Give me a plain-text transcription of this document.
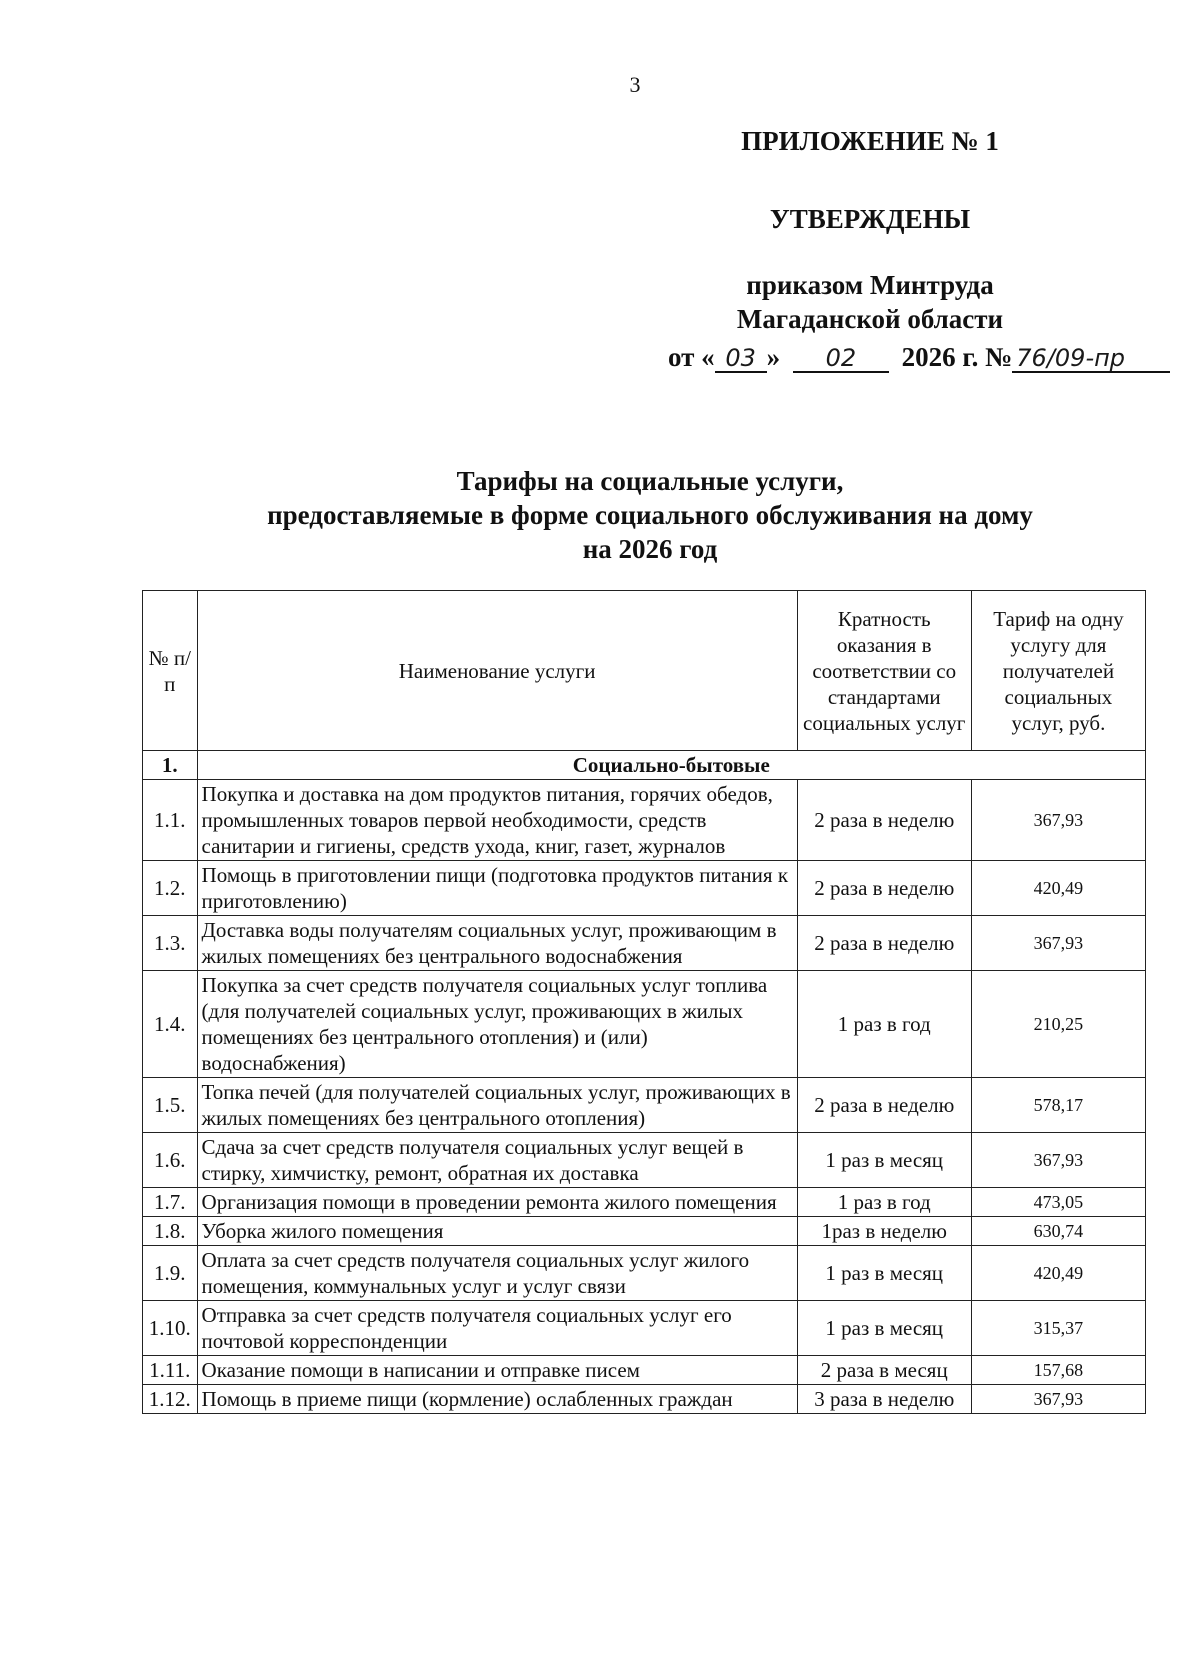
3
ПРИЛОЖЕНИЕ № 1
УТВЕРЖДЕНЫ
приказом Минтруда
Магаданской области
от « 03 » 02 2026 г. № 76/09-пр
Тарифы на социальные услуги,
предоставляемые в форме социального обслуживания на дому
на 2026 год
№ п/п	Наименование услуги	Кратность оказания в соответствии со стандартами социальных услуг	Тариф на одну услугу для получателей социальных услуг, руб.
1.	Социально-бытовые		
1.1.	Покупка и доставка на дом продуктов питания, горячих обедов, промышленных товаров первой необходимости, средств санитарии и гигиены, средств ухода, книг, газет, журналов	2 раза в неделю	367,93
1.2.	Помощь в приготовлении пищи (подготовка продуктов питания к приготовлению)	2 раза в неделю	420,49
1.3.	Доставка воды получателям социальных услуг, проживающим в жилых помещениях без центрального водоснабжения	2 раза в неделю	367,93
1.4.	Покупка за счет средств получателя социальных услуг топлива (для получателей социальных услуг, проживающих в жилых помещениях без центрального отопления) и (или) водоснабжения)	1 раз в год	210,25
1.5.	Топка печей (для получателей социальных услуг, проживающих в жилых помещениях без центрального отопления)	2 раза в неделю	578,17
1.6.	Сдача за счет средств получателя социальных услуг вещей в стирку, химчистку, ремонт, обратная их доставка	1 раз в месяц	367,93
1.7.	Организация помощи в проведении ремонта жилого помещения	1 раз в год	473,05
1.8.	Уборка жилого помещения	1раз в неделю	630,74
1.9.	Оплата за счет средств получателя социальных услуг жилого помещения, коммунальных услуг и услуг связи	1 раз в месяц	420,49
1.10.	Отправка за счет средств получателя социальных услуг его почтовой корреспонденции	1 раз в месяц	315,37
1.11.	Оказание помощи в написании и отправке писем	2 раза в месяц	157,68
1.12.	Помощь в приеме пищи (кормление) ослабленных граждан	3 раза в неделю	367,93
